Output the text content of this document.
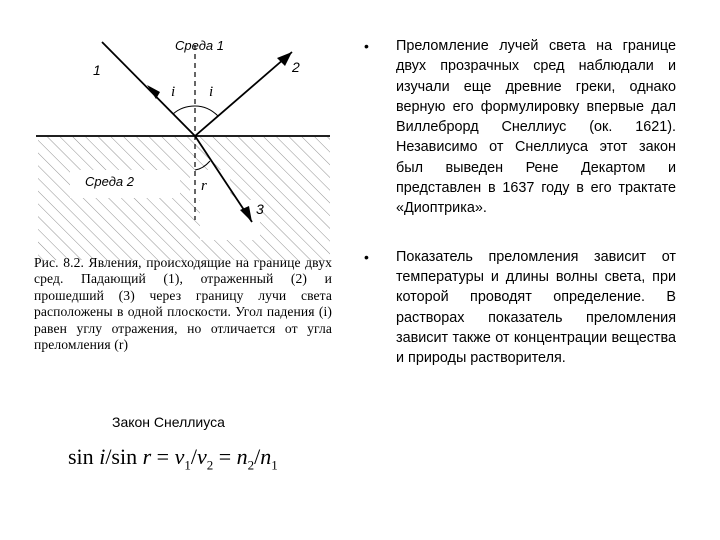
Среда 1
Среда 2
1	2
3
i i
r
Рис. 8.2. Явления, происходящие на границе двух сред. Падающий (1), отраженный (2) и прошедший (3) через границу лучи света расположены в одной плоскости. Угол падения (i) равен углу отражения, но отличается от угла преломления (r)
Закон Снеллиуса
sin i/sin $r = v_1/v_2 = n_2/n_1$
• Преломление лучей света на границе двух прозрачных сред наблюдали и изучали еще древние греки, однако верную его формулировку впервые дал Виллеброрд Снеллиус (ок. 1621). Независимо от Снеллиуса этот закон был выведен Рене Декартом и представлен в 1637 году в его трактате «Диоптрика».
• Показатель преломления зависит от температуры и длины волны света, при которой проводят определение. В растворах показатель преломления зависит также от концентрации вещества и природы растворителя.
